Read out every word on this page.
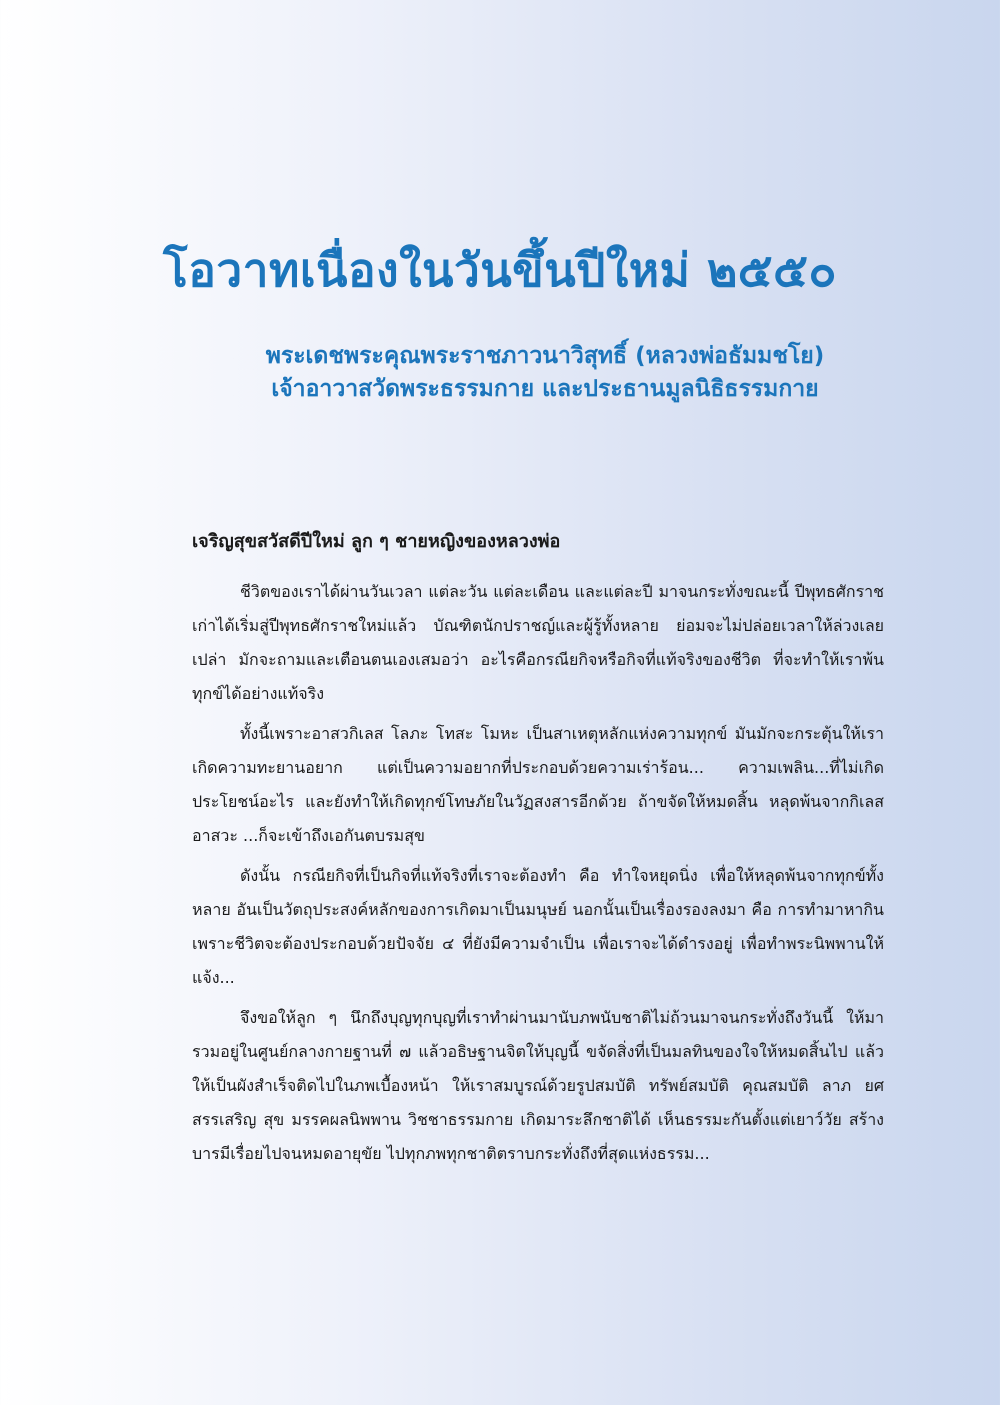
โอวาทเนื่องในวันขึ้นปีใหม่ ๒๕๕๐
พระเดชพระคุณพระราชภาวนาวิสุทธิ์ (หลวงพ่อธัมมชโย)
เจ้าอาวาสวัดพระธรรมกาย และประธานมูลนิธิธรรมกาย
เจริญสุขสวัสดีปีใหม่ ลูก ๆ ชายหญิงของหลวงพ่อ

ชีวิตของเราได้ผ่านวันเวลา แต่ละวัน แต่ละเดือน และแต่ละปี มาจนกระทั่งขณะนี้ ปีพุทธศักราชเก่าได้เริ่มสู่ปีพุทธศักราชใหม่แล้ว บัณฑิตนักปราชญ์และผู้รู้ทั้งหลาย ย่อมจะไม่ปล่อยเวลาให้ล่วงเลยเปล่า มักจะถามและเตือนตนเองเสมอว่า อะไรคือกรณียกิจหรือกิจที่แท้จริงของชีวิต ที่จะทำให้เราพ้นทุกข์ได้อย่างแท้จริง

ทั้งนี้เพราะอาสวกิเลส โลภะ โทสะ โมหะ เป็นสาเหตุหลักแห่งความทุกข์ มันมักจะกระตุ้นให้เราเกิดความทะยานอยาก แต่เป็นความอยากที่ประกอบด้วยความเร่าร้อน... ความเพลิน...ที่ไม่เกิดประโยชน์อะไร และยังทำให้เกิดทุกข์โทษภัยในวัฏสงสารอีกด้วย ถ้าขจัดให้หมดสิ้น หลุดพ้นจากกิเลสอาสวะ ...ก็จะเข้าถึงเอกันตบรมสุข

ดังนั้น กรณียกิจที่เป็นกิจที่แท้จริงที่เราจะต้องทำ คือ ทำใจหยุดนิ่ง เพื่อให้หลุดพ้นจากทุกข์ทั้งหลาย อันเป็นวัตถุประสงค์หลักของการเกิดมาเป็นมนุษย์ นอกนั้นเป็นเรื่องรองลงมา คือ การทำมาหากิน เพราะชีวิตจะต้องประกอบด้วยปัจจัย ๔ ที่ยังมีความจำเป็น เพื่อเราจะได้ดำรงอยู่ เพื่อทำพระนิพพานให้แจ้ง...

จึงขอให้ลูก ๆ นึกถึงบุญทุกบุญที่เราทำผ่านมานับภพนับชาติไม่ถ้วนมาจนกระทั่งถึงวันนี้ ให้มารวมอยู่ในศูนย์กลางกายฐานที่ ๗ แล้วอธิษฐานจิตให้บุญนี้ ขจัดสิ่งที่เป็นมลทินของใจให้หมดสิ้นไป แล้วให้เป็นผังสำเร็จติดไปในภพเบื้องหน้า ให้เราสมบูรณ์ด้วยรูปสมบัติ ทรัพย์สมบัติ คุณสมบัติ ลาภ ยศ สรรเสริญ สุข มรรคผลนิพพาน วิชชาธรรมกาย เกิดมาระลึกชาติได้ เห็นธรรมะกันตั้งแต่เยาว์วัย สร้างบารมีเรื่อยไปจนหมดอายุขัย ไปทุกภพทุกชาติตราบกระทั่งถึงที่สุดแห่งธรรม...
